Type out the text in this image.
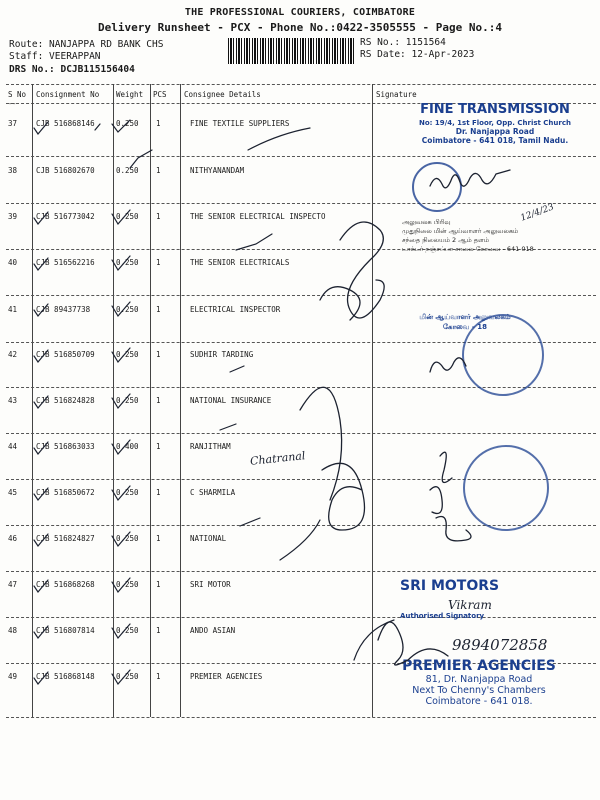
THE PROFESSIONAL COURIERS, COIMBATORE
Delivery Runsheet - PCX - Phone No.:0422-3505555 - Page No.:4
Route: NANJAPPA RD BANK CHS
Staff: VEERAPPAN
DRS No.: DCJB115156404
RS No.: 1151564
RS Date: 12-Apr-2023
S No Consignment No Weight PCS Consignee Details	Signature
--
37	CJB 516868146	0.250 1	FINE TEXTILE SUPPLIERS
38	CJB 516802670	0.250 1	NITHYANANDAM
39	CJB 516773042	0.250 1	THE SENIOR ELECTRICAL INSPECTO
40	CJB 516562216	0.250 1	THE SENIOR ELECTRICALS
41	CJB 89437738	0.250 1	ELECTRICAL INSPECTOR
42	CJB 516850709	0.250 1	SUDHIR TARDING
43	CJB 516824828	0.250 1	NATIONAL INSURANCE
44	CJB 516863033	0.400 1	RANJITHAM
45	CJB 516850672	0.250 1	C SHARMILA
46	CJB 516824827	0.250 1	NATIONAL
47	CJB 516868268	0.250 1	SRI MOTOR
48	CJB 516807814	0.250 1	ANDO ASIAN
49	CJB 516868148	0.250 1	PREMIER AGENCIES
FINE TRANSMISSION
No: 19/4, 1st Floor, Opp. Christ Church
Dr. Nanjappa Road
Coimbatore - 641 018, Tamil Nadu.
அலுவலக பிரிவு
முதுநிலை மின் ஆய்வாளர் அலுவலகம்
சந்தை நிலையம் 2 ஆம் தளம்
டாக்டர் நஞ்சப்பா சாலை கோவை - 641 018
மின் ஆய்வாளர் அலுவலகம்
கோவை - 18
SRI MOTORS
Authorised Signatory
PREMIER AGENCIES
81, Dr. Nanjappa Road
Next To Chenny's Chambers
Coimbatore - 641 018.
Chatranal
9894072858
Vikram
12/4/23
